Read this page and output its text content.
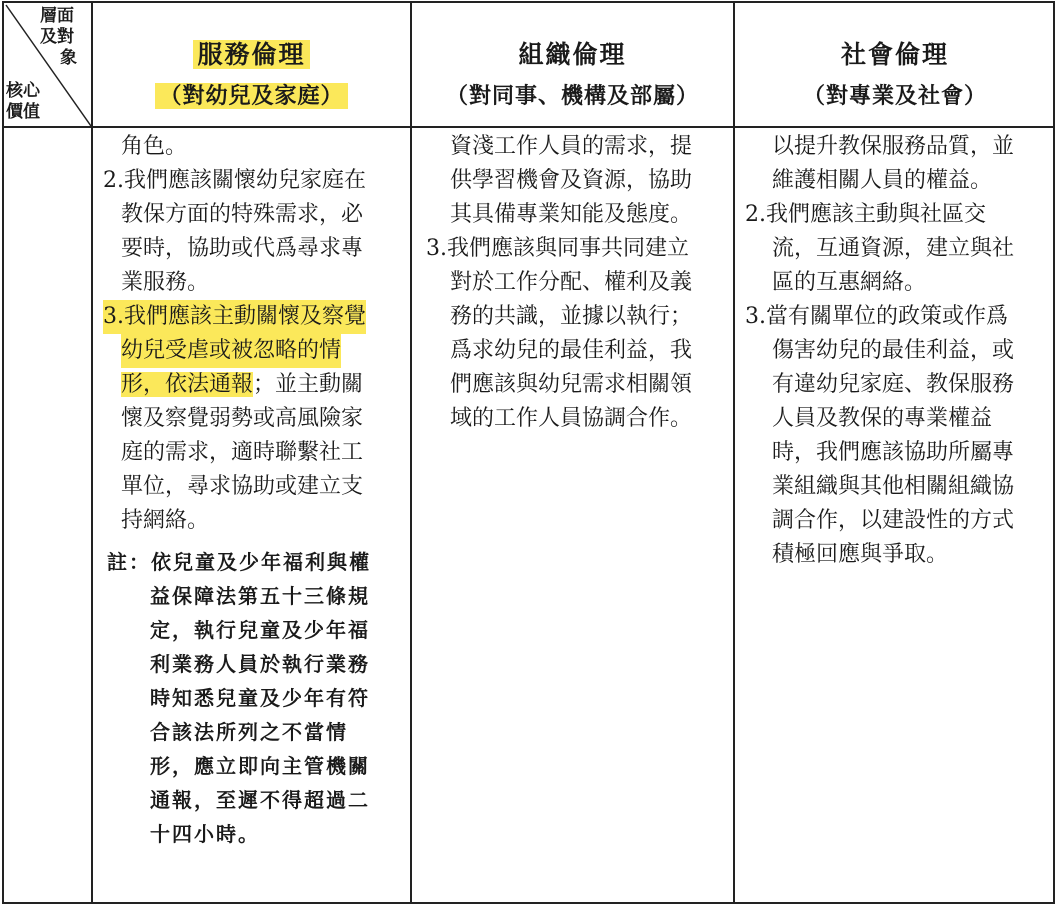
層面
及對
象
核心
價值
服務倫理
（對幼兒及家庭）
組織倫理
（對同事、機構及部屬）
社會倫理
（對專業及社會）
角色。
2.我們應該關懷幼兒家庭在
教保方面的特殊需求，必
要時，協助或代爲尋求專
業服務。
3.我們應該主動關懷及察覺
幼兒受虐或被忽略的情
形，依法通報；並主動關
懷及察覺弱勢或高風險家
庭的需求，適時聯繫社工
單位，尋求協助或建立支
持網絡。
註：依兒童及少年福利與權
益保障法第五十三條規
定，執行兒童及少年福
利業務人員於執行業務
時知悉兒童及少年有符
合該法所列之不當情
形，應立即向主管機關
通報，至遲不得超過二
十四小時。
資淺工作人員的需求，提
供學習機會及資源，協助
其具備專業知能及態度。
3.我們應該與同事共同建立
對於工作分配、權利及義
務的共識，並據以執行；
爲求幼兒的最佳利益，我
們應該與幼兒需求相關領
域的工作人員協調合作。
以提升教保服務品質，並
維護相關人員的權益。
2.我們應該主動與社區交
流，互通資源，建立與社
區的互惠網絡。
3.當有關單位的政策或作爲
傷害幼兒的最佳利益，或
有違幼兒家庭、教保服務
人員及教保的專業權益
時，我們應該協助所屬專
業組織與其他相關組織協
調合作，以建設性的方式
積極回應與爭取。
